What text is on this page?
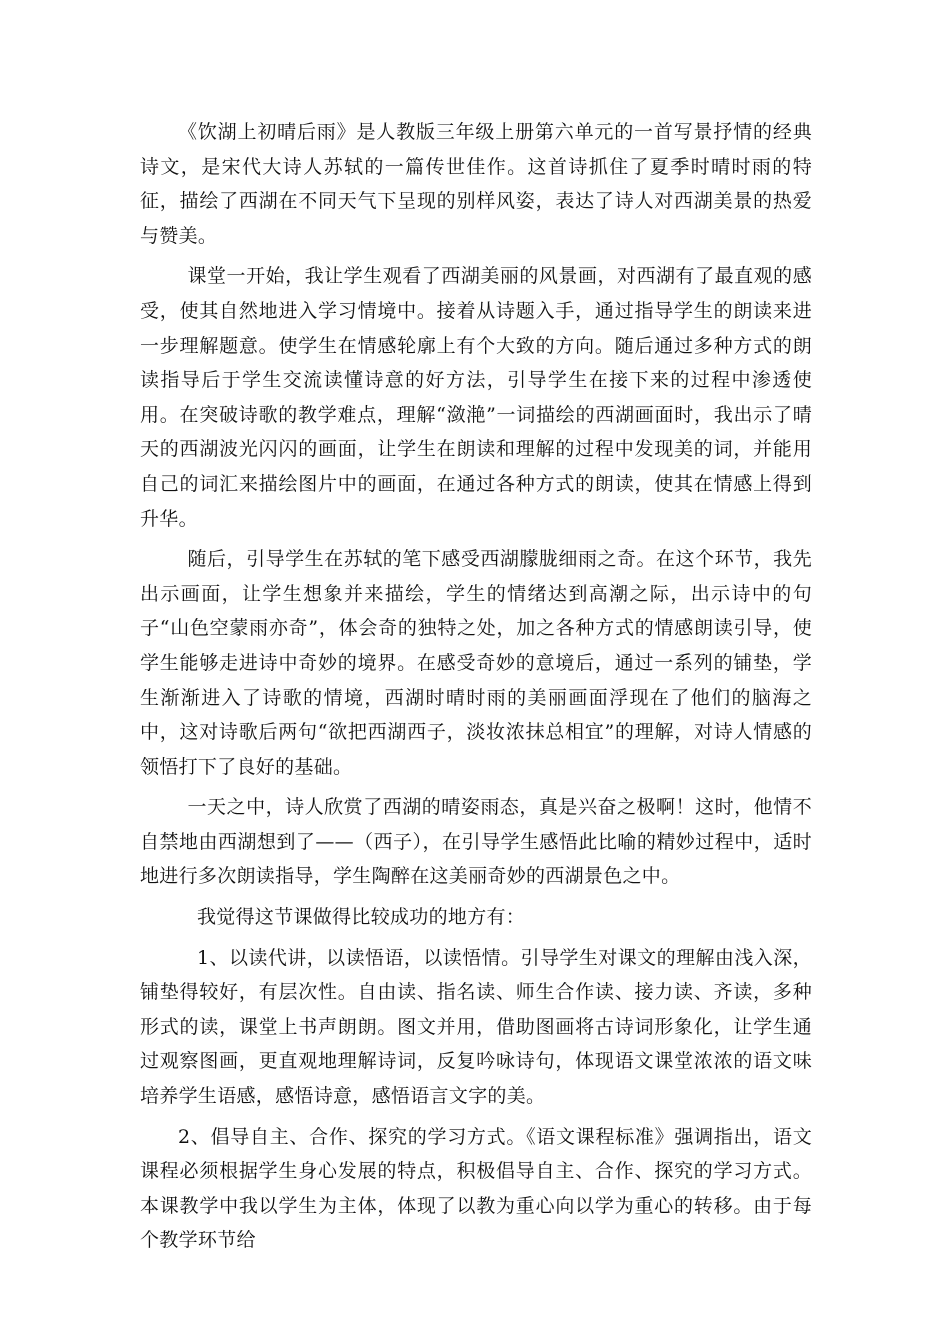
《饮湖上初晴后雨》是人教版三年级上册第六单元的一首写景抒情的经典诗文，是宋代大诗人苏轼的一篇传世佳作。这首诗抓住了夏季时晴时雨的特征，描绘了西湖在不同天气下呈现的别样风姿，表达了诗人对西湖美景的热爱与赞美。

课堂一开始，我让学生观看了西湖美丽的风景画，对西湖有了最直观的感受，使其自然地进入学习情境中。接着从诗题入手，通过指导学生的朗读来进一步理解题意。使学生在情感轮廓上有个大致的方向。随后通过多种方式的朗读指导后于学生交流读懂诗意的好方法，引导学生在接下来的过程中渗透使用。在突破诗歌的教学难点，理解“潋滟”一词描绘的西湖画面时，我出示了晴天的西湖波光闪闪的画面，让学生在朗读和理解的过程中发现美的词，并能用自己的词汇来描绘图片中的画面，在通过各种方式的朗读，使其在情感上得到升华。

随后，引导学生在苏轼的笔下感受西湖朦胧细雨之奇。在这个环节，我先出示画面，让学生想象并来描绘，学生的情绪达到高潮之际，出示诗中的句子“山色空蒙雨亦奇”，体会奇的独特之处，加之各种方式的情感朗读引导，使学生能够走进诗中奇妙的境界。在感受奇妙的意境后，通过一系列的铺垫，学生渐渐进入了诗歌的情境，西湖时晴时雨的美丽画面浮现在了他们的脑海之中，这对诗歌后两句“欲把西湖西子，淡妆浓抹总相宜”的理解，对诗人情感的领悟打下了良好的基础。

一天之中，诗人欣赏了西湖的晴姿雨态，真是兴奋之极啊！这时，他情不自禁地由西湖想到了——（西子），在引导学生感悟此比喻的精妙过程中，适时地进行多次朗读指导，学生陶醉在这美丽奇妙的西湖景色之中。

我觉得这节课做得比较成功的地方有：

1、以读代讲，以读悟语，以读悟情。引导学生对课文的理解由浅入深，铺垫得较好，有层次性。自由读、指名读、师生合作读、接力读、齐读，多种形式的读，课堂上书声朗朗。图文并用，借助图画将古诗词形象化，让学生通过观察图画，更直观地理解诗词，反复吟咏诗句，体现语文课堂浓浓的语文味培养学生语感，感悟诗意，感悟语言文字的美。

2、倡导自主、合作、探究的学习方式。《语文课程标准》强调指出，语文课程必须根据学生身心发展的特点，积极倡导自主、合作、探究的学习方式。本课教学中我以学生为主体，体现了以教为重心向以学为重心的转移。由于每个教学环节给
